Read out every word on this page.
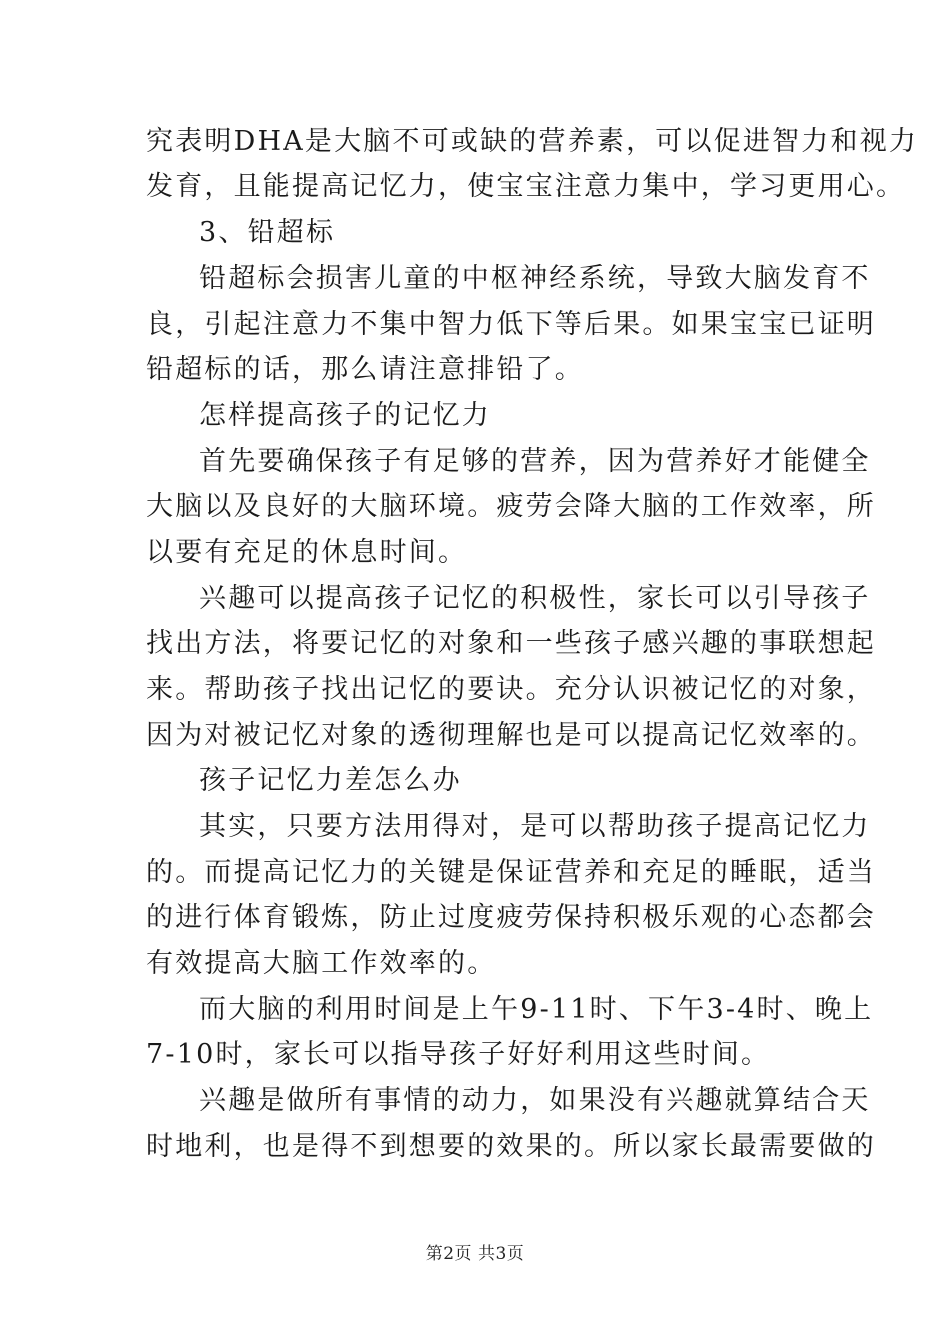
究表明DHA是大脑不可或缺的营养素，可以促进智力和视力
发育，且能提高记忆力，使宝宝注意力集中，学习更用心。
3、铅超标
铅超标会损害儿童的中枢神经系统，导致大脑发育不
良，引起注意力不集中智力低下等后果。如果宝宝已证明
铅超标的话，那么请注意排铅了。
怎样提高孩子的记忆力
首先要确保孩子有足够的营养，因为营养好才能健全
大脑以及良好的大脑环境。疲劳会降大脑的工作效率，所
以要有充足的休息时间。
兴趣可以提高孩子记忆的积极性，家长可以引导孩子
找出方法，将要记忆的对象和一些孩子感兴趣的事联想起
来。帮助孩子找出记忆的要诀。充分认识被记忆的对象，
因为对被记忆对象的透彻理解也是可以提高记忆效率的。
孩子记忆力差怎么办
其实，只要方法用得对，是可以帮助孩子提高记忆力
的。而提高记忆力的关键是保证营养和充足的睡眠，适当
的进行体育锻炼，防止过度疲劳保持积极乐观的心态都会
有效提高大脑工作效率的。
而大脑的利用时间是上午9-11时、下午3-4时、晚上
7-10时，家长可以指导孩子好好利用这些时间。
兴趣是做所有事情的动力，如果没有兴趣就算结合天
时地利，也是得不到想要的效果的。所以家长最需要做的
第2页 共3页
